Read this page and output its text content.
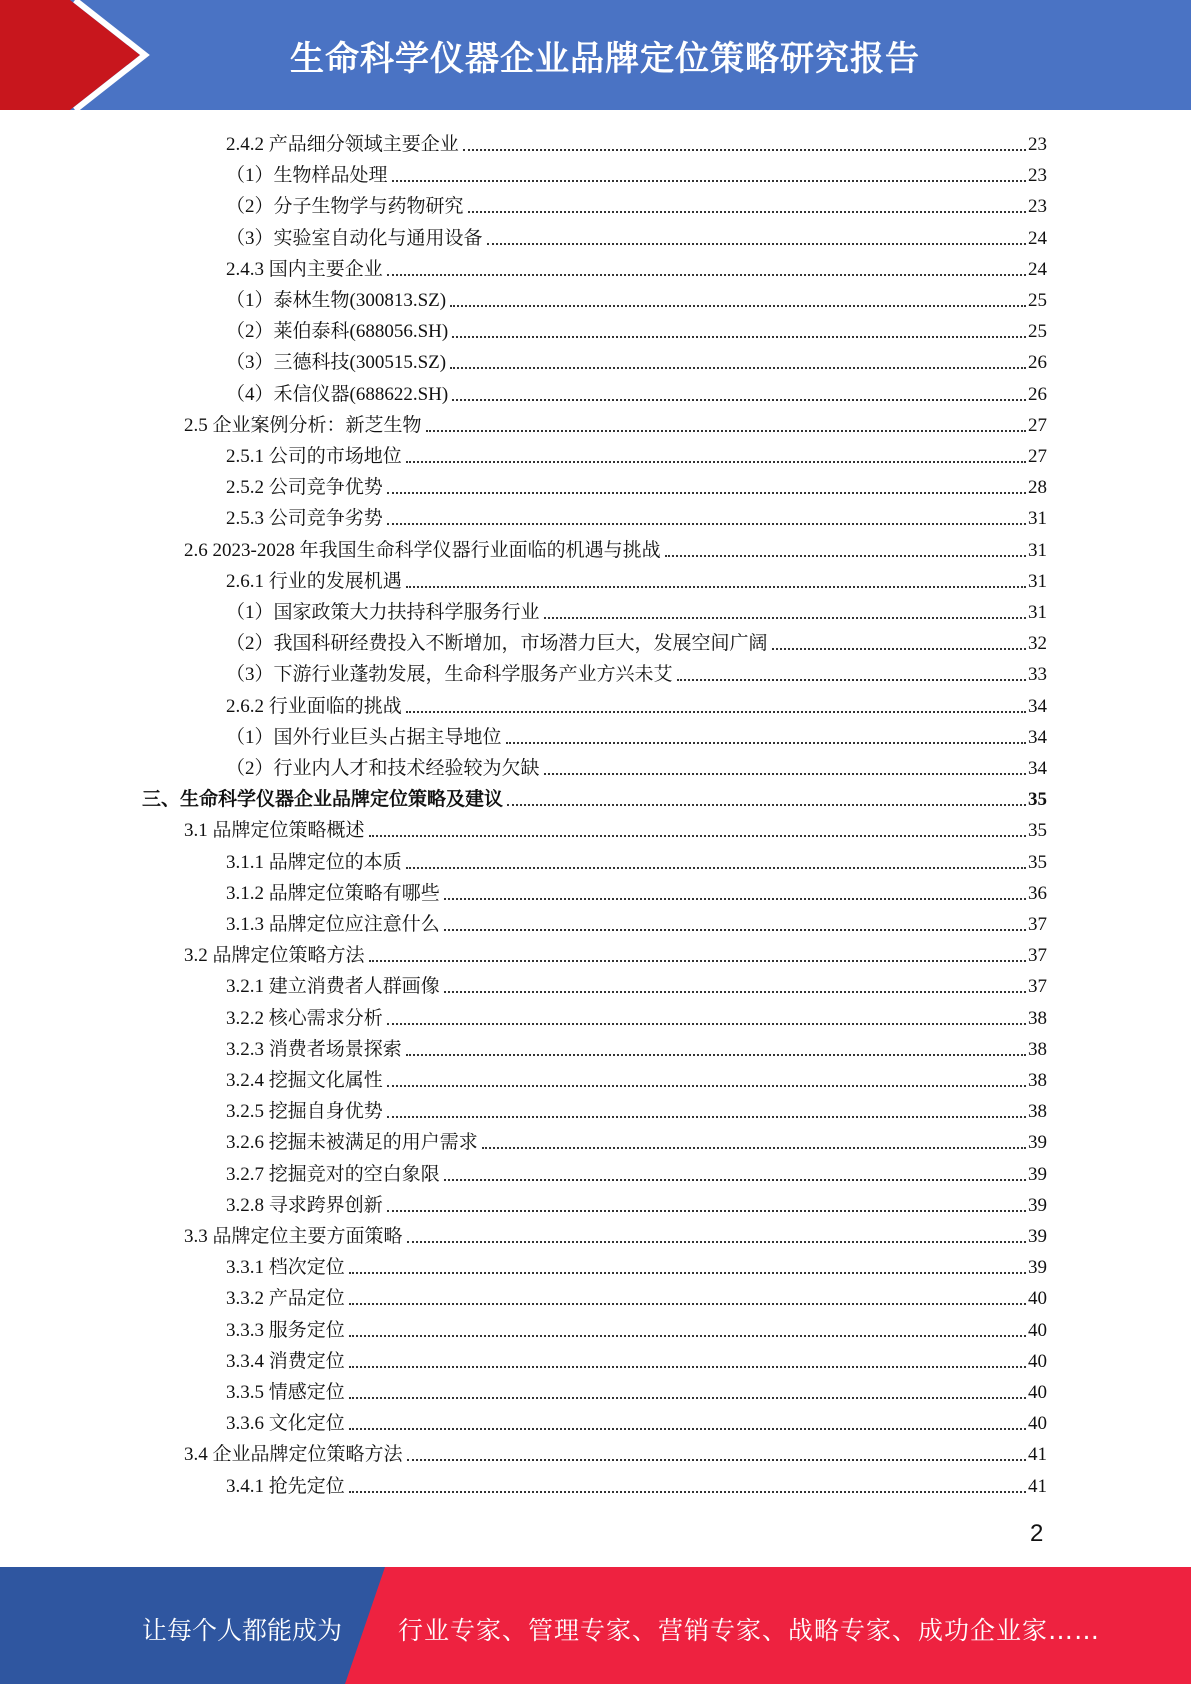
生命科学仪器企业品牌定位策略研究报告
2.4.2 产品细分领域主要企业	23
（1）生物样品处理	23
（2）分子生物学与药物研究	23
（3）实验室自动化与通用设备	24
2.4.3 国内主要企业	24
（1）泰林生物(300813.SZ)	25
（2）莱伯泰科(688056.SH)	25
（3）三德科技(300515.SZ)	26
（4）禾信仪器(688622.SH)	26
2.5 企业案例分析：新芝生物	27
2.5.1 公司的市场地位	27
2.5.2 公司竞争优势	28
2.5.3 公司竞争劣势	31
2.6 2023-2028 年我国生命科学仪器行业面临的机遇与挑战	31
2.6.1 行业的发展机遇	31
（1）国家政策大力扶持科学服务行业	31
（2）我国科研经费投入不断增加，市场潜力巨大，发展空间广阔	32
（3）下游行业蓬勃发展，生命科学服务产业方兴未艾	33
2.6.2 行业面临的挑战	34
（1）国外行业巨头占据主导地位	34
（2）行业内人才和技术经验较为欠缺	34
三、生命科学仪器企业品牌定位策略及建议	35
3.1 品牌定位策略概述	35
3.1.1 品牌定位的本质	35
3.1.2 品牌定位策略有哪些	36
3.1.3 品牌定位应注意什么	37
3.2 品牌定位策略方法	37
3.2.1 建立消费者人群画像	37
3.2.2 核心需求分析	38
3.2.3 消费者场景探索	38
3.2.4 挖掘文化属性	38
3.2.5 挖掘自身优势	38
3.2.6 挖掘未被满足的用户需求	39
3.2.7 挖掘竞对的空白象限	39
3.2.8 寻求跨界创新	39
3.3 品牌定位主要方面策略	39
3.3.1 档次定位	39
3.3.2 产品定位	40
3.3.3 服务定位	40
3.3.4 消费定位	40
3.3.5 情感定位	40
3.3.6 文化定位	40
3.4 企业品牌定位策略方法	41
3.4.1 抢先定位	41
2
让每个人都能成为 行业专家、管理专家、营销专家、战略专家、成功企业家……
